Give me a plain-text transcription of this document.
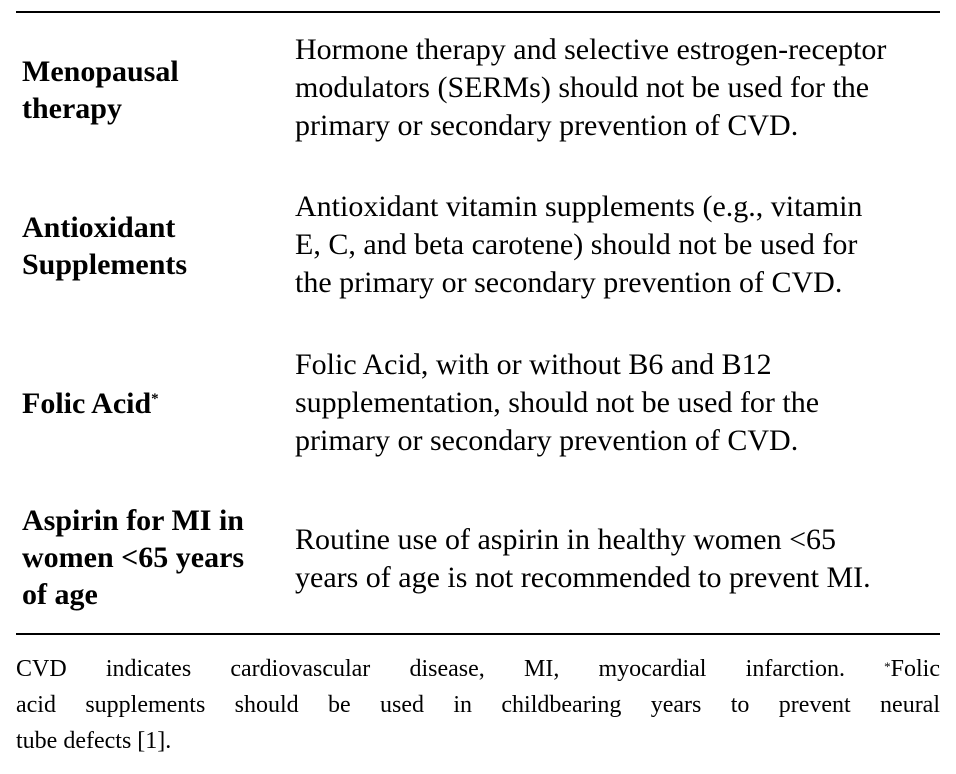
Menopausal
therapy
Hormone therapy and selective estrogen-receptor
modulators (SERMs) should not be used for the
primary or secondary prevention of CVD.
Antioxidant
Supplements
Antioxidant vitamin supplements (e.g., vitamin
E, C, and beta carotene) should not be used for
the primary or secondary prevention of CVD.
Folic Acid*
Folic Acid, with or without B6 and B12
supplementation, should not be used for the
primary or secondary prevention of CVD.
Aspirin for MI in
women <65 years
of age
Routine use of aspirin in healthy women <65
years of age is not recommended to prevent MI.
CVD indicates cardiovascular disease, MI, myocardial infarction. *Folic
acid supplements should be used in childbearing years to prevent neural
tube defects [1].
